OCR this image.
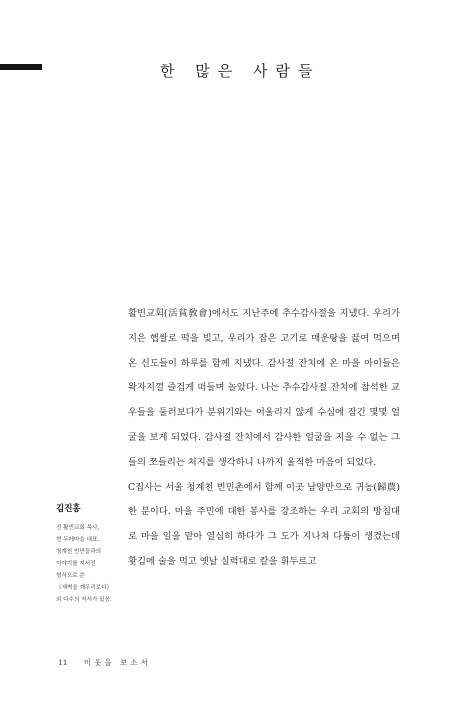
한 많은 사람들

활빈교회(活貧敎會)에서도 지난주에 추수감사절을 지냈다. 우리가 지은 햅쌀로 떡을 빚고, 우리가 잡은 고기로 매운탕을 끓여 먹으며 온 신도들이 하루를 함께 지냈다. 감사절 잔치에 온 마을 아이들은 왁자지껄 즐겁게 떠들며 놀았다. 나는 추수감사절 잔치에 참석한 교우들을 둘러보다가 분위기와는 어울리지 않게 수심에 잠긴 몇몇 얼굴을 보게 되었다. 감사절 잔치에서 감사한 얼굴을 지을 수 없는 그들의 쪼들리는 처지를 생각하니 나까지 울적한 마음이 되었다.

C집사는 서울 청계천 빈민촌에서 함께 이곳 남양만으로 귀농(歸農)한 분이다. 마을 주민에 대한 봉사를 강조하는 우리 교회의 방침대로 마을 일을 맡아 열심히 하다가 그 도가 지나쳐 다툼이 생겼는데 홧김에 술을 먹고 옛날 실력대로 칼을 휘두르고

김진홍
전 활빈교회 목사,
현 두레마을 대표.
청계천 빈민들과의
이야기를 지서전
형식으로 쓴
《새벽을 깨우리로다》
외 다수의 저서가 있음.
11 이웃을 보소서
